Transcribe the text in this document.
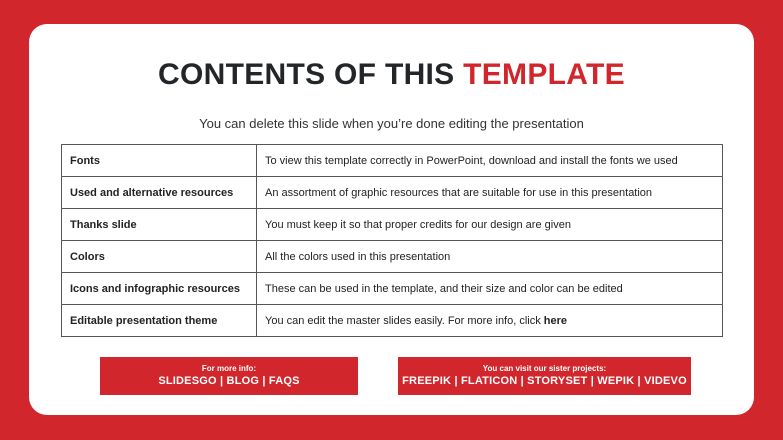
CONTENTS OF THIS TEMPLATE

You can delete this slide when you’re done editing the presentation

Fonts	To view this template correctly in PowerPoint, download and install the fonts we used
Used and alternative resources	An assortment of graphic resources that are suitable for use in this presentation
Thanks slide	You must keep it so that proper credits for our design are given
Colors	All the colors used in this presentation
Icons and infographic resources	These can be used in the template, and their size and color can be edited
Editable presentation theme	You can edit the master slides easily. For more info, click here
For more info:
SLIDESGO | BLOG | FAQS
You can visit our sister projects:
FREEPIK | FLATICON | STORYSET | WEPIK | VIDEVO
